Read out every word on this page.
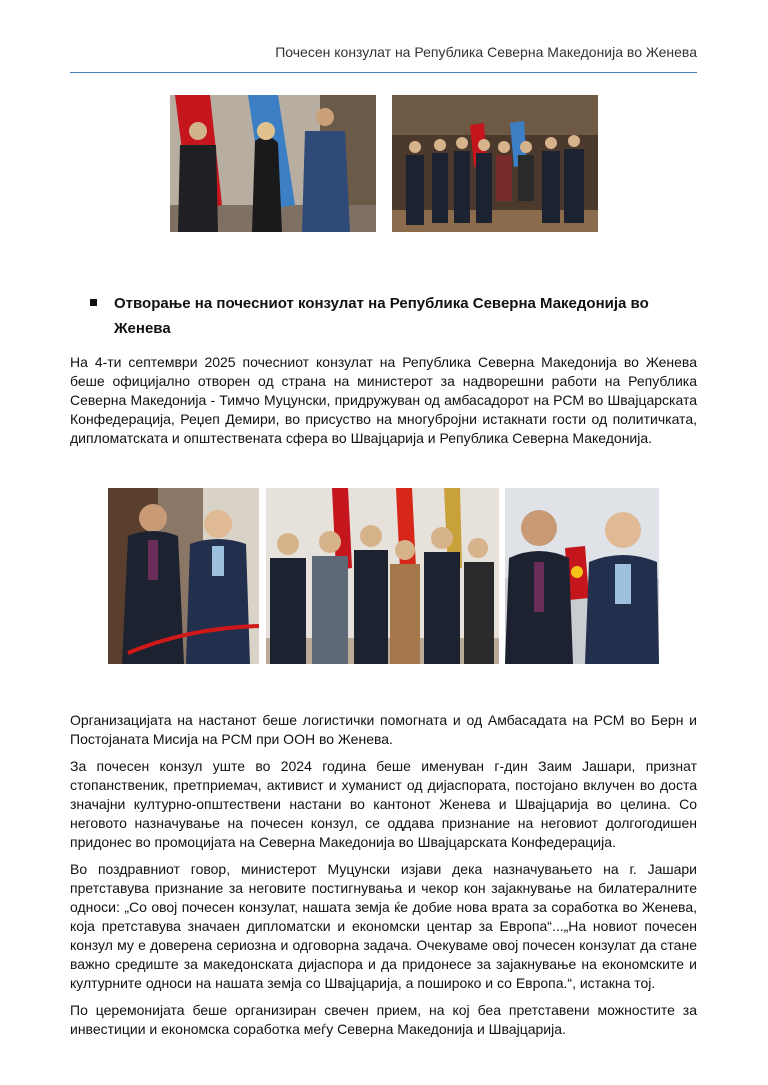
Почесен конзулат на Република Северна Македонија во Женева
Отворање на почесниот конзулат на Република Северна Македонија во Женева
На 4-ти септември 2025 почесниот конзулат на Република Северна Македонија во Женева беше официјално отворен од страна на министерот за надворешни работи на Република Северна Македонија - Тимчо Муцунски, придружуван од амбасадорот на РСМ во Швајцарската Конфедерација, Реџеп Демири, во присуство на многубројни истакнати гости од политичката, дипломатската и општествената сфера во Швајцарија и Република Северна Македонија.
Организацијата на настанот беше логистички помогната и од Амбасадата на РСМ во Берн и Постојаната Мисија на РСМ при ООН во Женева.
За почесен конзул уште во 2024 година беше именуван г-дин Заим Јашари, признат стопанственик, претприемач, активист и хуманист од дијаспората, постојано вклучен во доста значајни културно-општествени настани во кантонот Женева и Швајцарија во целина. Со неговото назначување на почесен конзул, се оддава признание на неговиот долгогодишен придонес во промоцијата на Северна Македонија во Швајцарската Конфедерација.
Во поздравниот говор, министерот Муцунски изјави дека назначувањето на г. Јашари претставува признание за неговите постигнувања и чекор кон зајакнување на билатералните односи: „Со овој почесен конзулат, нашата земја ќе добие нова врата за соработка во Женева, која претставува значаен дипломатски и економски центар за Европа“...„На новиот почесен конзул му е доверена сериозна и одговорна задача. Очекуваме овој почесен конзулат да стане важно средиште за македонската дијаспора и да придонесе за зајакнување на економските и културните односи на нашата земја со Швајцарија, а пошироко и со Европа.“, истакна тој.
По церемонијата беше организиран свечен прием, на кој беа претставени можностите за инвестиции и економска соработка меѓу Северна Македонија и Швајцарија.
